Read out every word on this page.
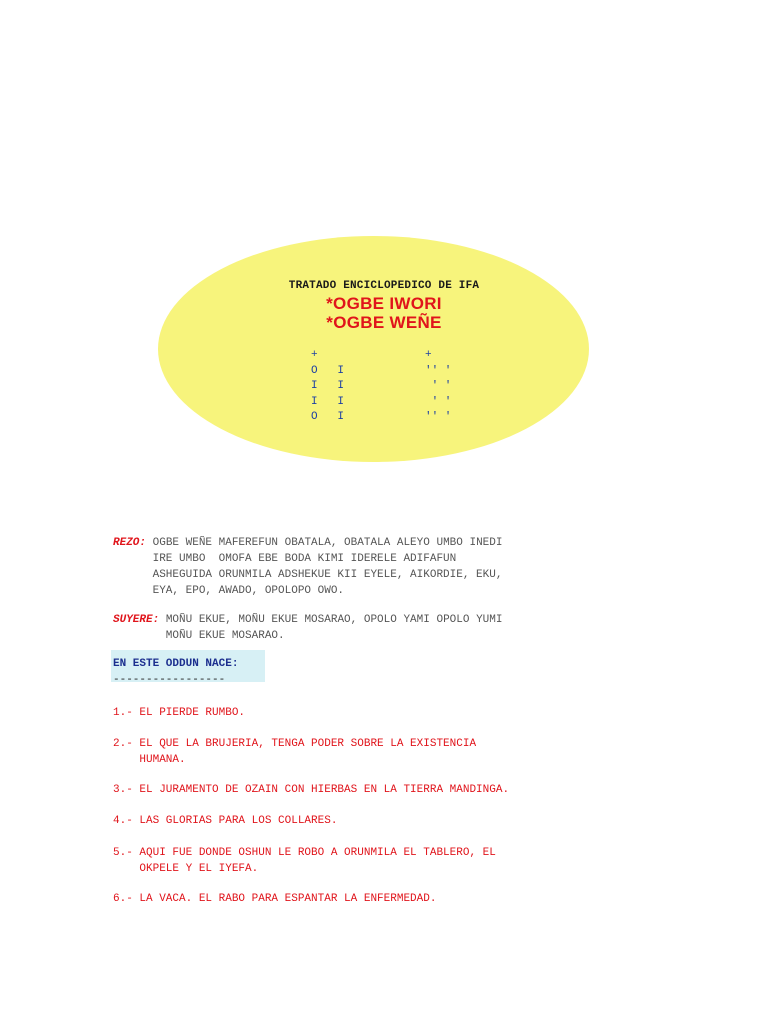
TRATADO ENCICLOPEDICO DE IFA
*OGBE IWORI
*OGBE WEÑE
+
O   I
I   I
I   I
O   I
+
'' '
' '
' '
'' '
REZO: OGBE WEÑE MAFEREFUN OBATALA, OBATALA ALEYO UMBO INEDI
IRE UMBO  OMOFA EBE BODA KIMI IDERELE ADIFAFUN
ASHEGUIDA ORUNMILA ADSHEKUE KII EYELE, AIKORDIE, EKU,
EYA, EPO, AWADO, OPOLOPO OWO.
SUYERE: MOÑU EKUE, MOÑU EKUE MOSARAO, OPOLO YAMI OPOLO YUMI
MOÑU EKUE MOSARAO.
EN ESTE ODDUN NACE:
-----------------
1.- EL PIERDE RUMBO.
2.- EL QUE LA BRUJERIA, TENGA PODER SOBRE LA EXISTENCIA
HUMANA.
3.- EL JURAMENTO DE OZAIN CON HIERBAS EN LA TIERRA MANDINGA.
4.- LAS GLORIAS PARA LOS COLLARES.
5.- AQUI FUE DONDE OSHUN LE ROBO A ORUNMILA EL TABLERO, EL
OKPELE Y EL IYEFA.
6.- LA VACA. EL RABO PARA ESPANTAR LA ENFERMEDAD.
